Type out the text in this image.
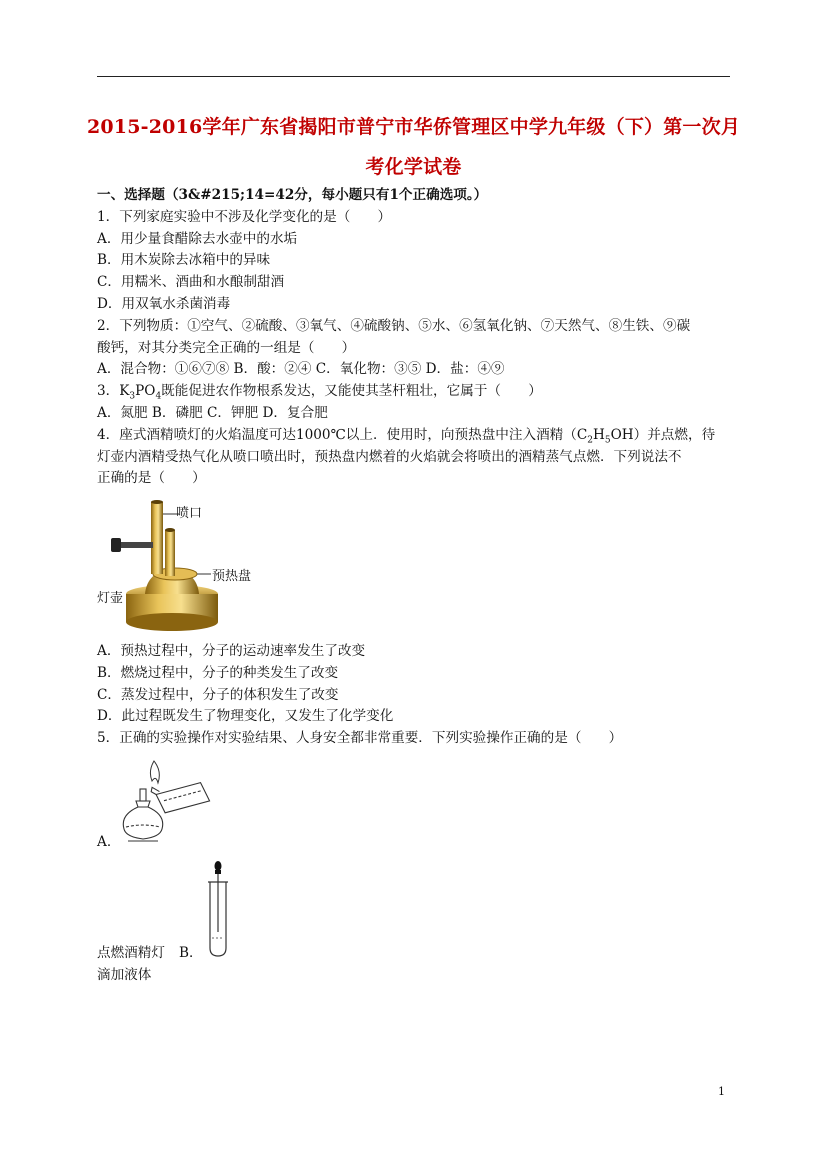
2015-2016学年广东省揭阳市普宁市华侨管理区中学九年级（下）第一次月
考化学试卷
一、选择题（3&#215;14=42分，每小题只有1个正确选项。）
1．下列家庭实验中不涉及化学变化的是（　　）
A．用少量食醋除去水壶中的水垢
B．用木炭除去冰箱中的异味
C．用糯米、酒曲和水酿制甜酒
D．用双氧水杀菌消毒
2．下列物质：①空气、②硫酸、③氧气、④硫酸钠、⑤水、⑥氢氧化钠、⑦天然气、⑧生铁、⑨碳
酸钙，对其分类完全正确的一组是（　　）
A．混合物：①⑥⑦⑧ B．酸：②④ C．氧化物：③⑤ D．盐：④⑨
3．$K_3PO_4$既能促进农作物根系发达，又能使其茎杆粗壮，它属于（　　）
A．氮肥 B．磷肥 C．钾肥 D．复合肥
4．座式酒精喷灯的火焰温度可达1000℃以上．使用时，向预热盘中注入酒精$(C_2H_5OH)$并点燃，待
灯壶内酒精受热气化从喷口喷出时，预热盘内燃着的火焰就会将喷出的酒精蒸气点燃．下列说法不
正确的是（　　）
喷口
预热盘
灯壶
A．预热过程中，分子的运动速率发生了改变
B．燃烧过程中，分子的种类发生了改变
C．蒸发过程中，分子的体积发生了改变
D．此过程既发生了物理变化，又发生了化学变化
5．正确的实验操作对实验结果、人身安全都非常重要．下列实验操作正确的是（　　）
A．
点燃酒精灯 B．
滴加液体
1
